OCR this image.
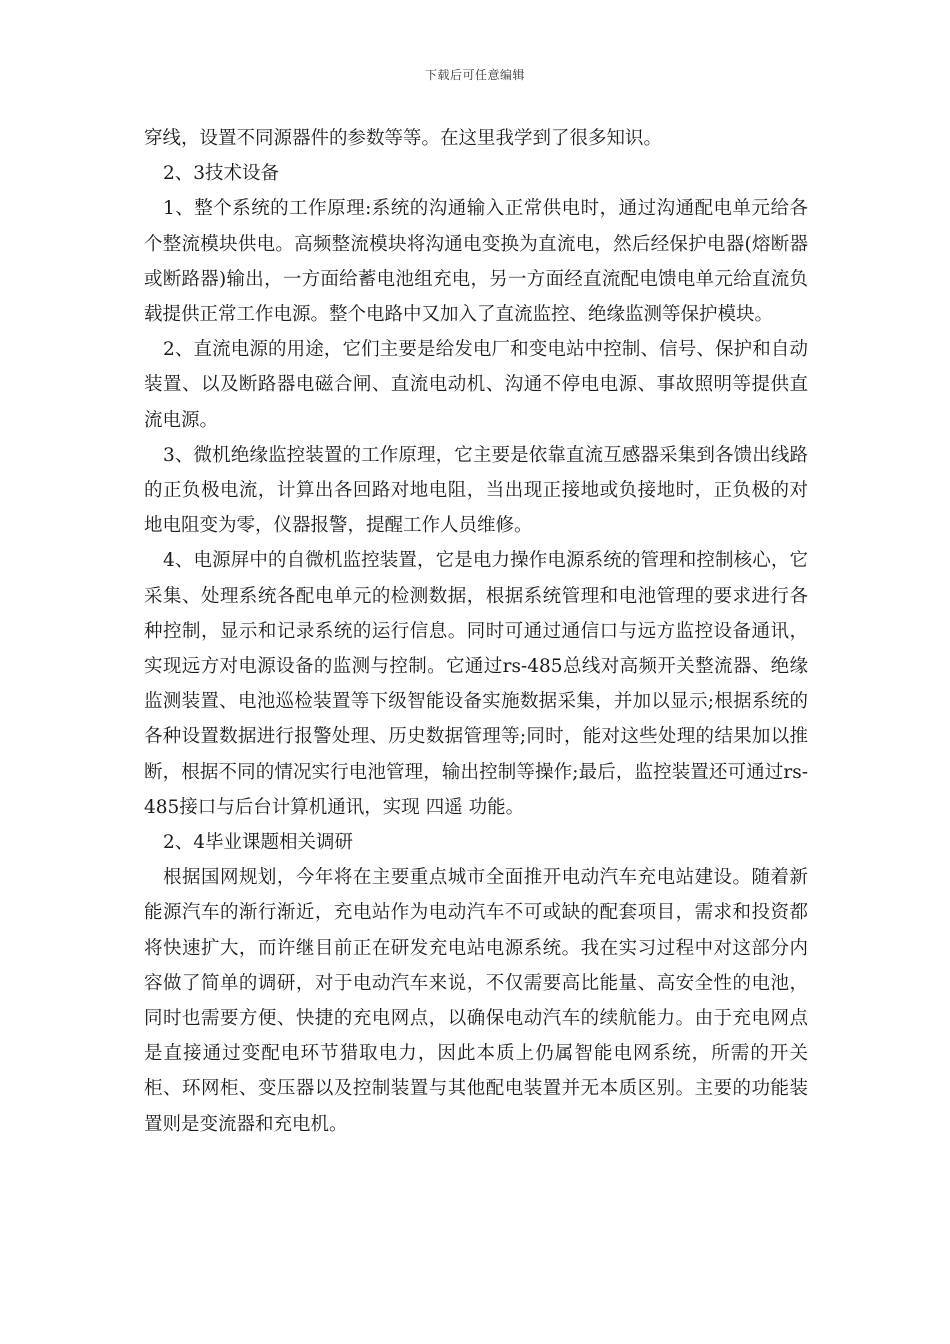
下载后可任意编辑

穿线，设置不同源器件的参数等等。在这里我学到了很多知识。

2、3技术设备

1、整个系统的工作原理:系统的沟通输入正常供电时，通过沟通配电单元给各个整流模块供电。高频整流模块将沟通电变换为直流电，然后经保护电器(熔断器或断路器)输出，一方面给蓄电池组充电，另一方面经直流配电馈电单元给直流负载提供正常工作电源。整个电路中又加入了直流监控、绝缘监测等保护模块。

2、直流电源的用途，它们主要是给发电厂和变电站中控制、信号、保护和自动装置、以及断路器电磁合闸、直流电动机、沟通不停电电源、事故照明等提供直流电源。

3、微机绝缘监控装置的工作原理，它主要是依靠直流互感器采集到各馈出线路的正负极电流，计算出各回路对地电阻，当出现正接地或负接地时，正负极的对地电阻变为零，仪器报警，提醒工作人员维修。

4、电源屏中的自微机监控装置，它是电力操作电源系统的管理和控制核心，它采集、处理系统各配电单元的检测数据，根据系统管理和电池管理的要求进行各种控制，显示和记录系统的运行信息。同时可通过通信口与远方监控设备通讯，实现远方对电源设备的监测与控制。它通过rs-485总线对高频开关整流器、绝缘监测装置、电池巡检装置等下级智能设备实施数据采集，并加以显示;根据系统的各种设置数据进行报警处理、历史数据管理等;同时，能对这些处理的结果加以推断，根据不同的情况实行电池管理，输出控制等操作;最后，监控装置还可通过rs-485接口与后台计算机通讯，实现 四遥 功能。

2、4毕业课题相关调研

根据国网规划，今年将在主要重点城市全面推开电动汽车充电站建设。随着新能源汽车的渐行渐近，充电站作为电动汽车不可或缺的配套项目，需求和投资都将快速扩大，而许继目前正在研发充电站电源系统。我在实习过程中对这部分内容做了简单的调研，对于电动汽车来说，不仅需要高比能量、高安全性的电池，同时也需要方便、快捷的充电网点，以确保电动汽车的续航能力。由于充电网点是直接通过变配电环节猎取电力，因此本质上仍属智能电网系统，所需的开关柜、环网柜、变压器以及控制装置与其他配电装置并无本质区别。主要的功能装置则是变流器和充电机。
